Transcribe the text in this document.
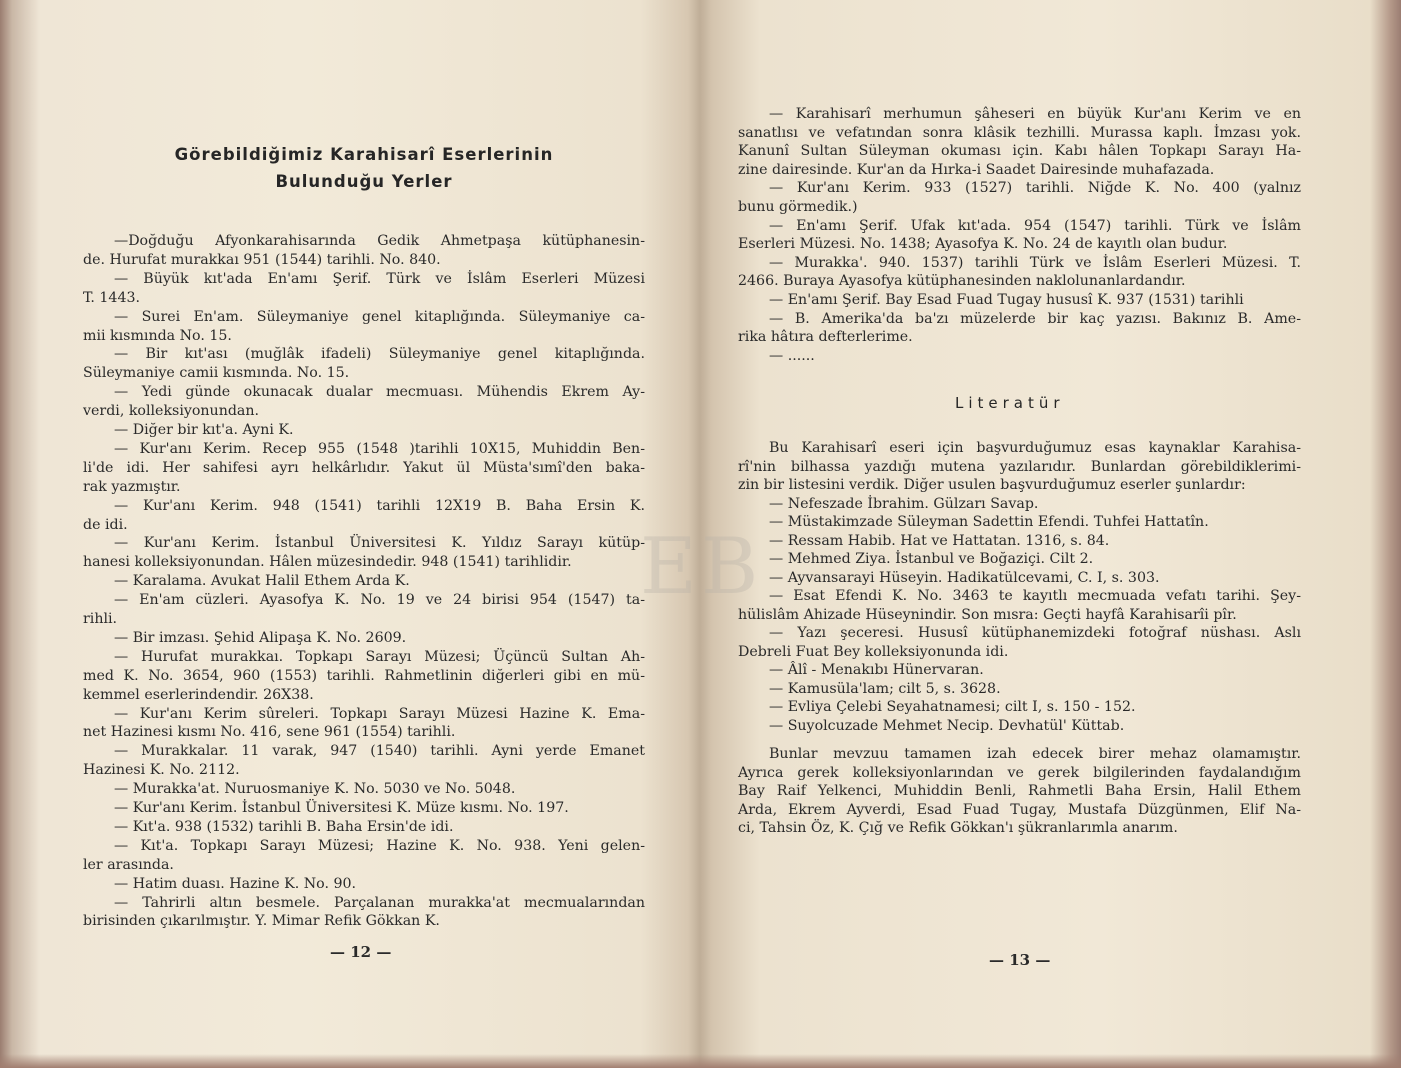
Görebildiğimiz Karahisarî Eserlerinin
Bulunduğu Yerler
—Doğduğu Afyonkarahisarında Gedik Ahmetpaşa kütüphanesin-
de. Hurufat murakkaı 951 (1544) tarihli. No. 840.
— Büyük kıt'ada En'amı Şerif. Türk ve İslâm Eserleri Müzesi
T. 1443.
— Surei En'am. Süleymaniye genel kitaplığında. Süleymaniye ca-
mii kısmında No. 15.
— Bir kıt'ası (muğlâk ifadeli) Süleymaniye genel kitaplığında.
Süleymaniye camii kısmında. No. 15.
— Yedi günde okunacak dualar mecmuası. Mühendis Ekrem Ay-
verdi, kolleksiyonundan.
— Diğer bir kıt'a. Ayni K.
— Kur'anı Kerim. Recep 955 (1548 )tarihli 10X15, Muhiddin Ben-
li'de idi. Her sahifesi ayrı helkârlıdır. Yakut ül Müsta'sımî'den baka-
rak yazmıştır.
— Kur'anı Kerim. 948 (1541) tarihli 12X19 B. Baha Ersin K.
de idi.
— Kur'anı Kerim. İstanbul Üniversitesi K. Yıldız Sarayı kütüp-
hanesi kolleksiyonundan. Hâlen müzesindedir. 948 (1541) tarihlidir.
— Karalama. Avukat Halil Ethem Arda K.
— En'am cüzleri. Ayasofya K. No. 19 ve 24 birisi 954 (1547) ta-
rihli.
— Bir imzası. Şehid Alipaşa K. No. 2609.
— Hurufat murakkaı. Topkapı Sarayı Müzesi; Üçüncü Sultan Ah-
med K. No. 3654, 960 (1553) tarihli. Rahmetlinin diğerleri gibi en mü-
kemmel eserlerindendir. 26X38.
— Kur'anı Kerim sûreleri. Topkapı Sarayı Müzesi Hazine K. Ema-
net Hazinesi kısmı No. 416, sene 961 (1554) tarihli.
— Murakkalar. 11 varak, 947 (1540) tarihli. Ayni yerde Emanet
Hazinesi K. No. 2112.
— Murakka'at. Nuruosmaniye K. No. 5030 ve No. 5048.
— Kur'anı Kerim. İstanbul Üniversitesi K. Müze kısmı. No. 197.
— Kıt'a. 938 (1532) tarihli B. Baha Ersin'de idi.
— Kıt'a. Topkapı Sarayı Müzesi; Hazine K. No. 938. Yeni gelen-
ler arasında.
— Hatim duası. Hazine K. No. 90.
— Tahrirli altın besmele. Parçalanan murakka'at mecmualarından
birisinden çıkarılmıştır. Y. Mimar Refik Gökkan K.
— 12 —
— Karahisarî merhumun şâheseri en büyük Kur'anı Kerim ve en
sanatlısı ve vefatından sonra klâsik tezhilli. Murassa kaplı. İmzası yok.
Kanunî Sultan Süleyman okuması için. Kabı hâlen Topkapı Sarayı Ha-
zine dairesinde. Kur'an da Hırka-i Saadet Dairesinde muhafazada.
— Kur'anı Kerim. 933 (1527) tarihli. Niğde K. No. 400 (yalnız
bunu görmedik.)
— En'amı Şerif. Ufak kıt'ada. 954 (1547) tarihli. Türk ve İslâm
Eserleri Müzesi. No. 1438; Ayasofya K. No. 24 de kayıtlı olan budur.
— Murakka'. 940. 1537) tarihli Türk ve İslâm Eserleri Müzesi. T.
2466. Buraya Ayasofya kütüphanesinden naklolunanlardandır.
— En'amı Şerif. Bay Esad Fuad Tugay hususî K. 937 (1531) tarihli
— B. Amerika'da ba'zı müzelerde bir kaç yazısı. Bakınız B. Ame-
rika hâtıra defterlerime.
— ......
Literatür
Bu Karahisarî eseri için başvurduğumuz esas kaynaklar Karahisa-
rî'nin bilhassa yazdığı mutena yazılarıdır. Bunlardan görebildiklerimi-
zin bir listesini verdik. Diğer usulen başvurduğumuz eserler şunlardır:
— Nefeszade İbrahim. Gülzarı Savap.
— Müstakimzade Süleyman Sadettin Efendi. Tuhfei Hattatîn.
— Ressam Habib. Hat ve Hattatan. 1316, s. 84.
— Mehmed Ziya. İstanbul ve Boğaziçi. Cilt 2.
— Ayvansarayi Hüseyin. Hadikatülcevami, C. I, s. 303.
— Esat Efendi K. No. 3463 te kayıtlı mecmuada vefatı tarihi. Şey-
hülislâm Ahizade Hüseynindir. Son mısra: Geçti hayfâ Karahisarîi pîr.
— Yazı şeceresi. Hususî kütüphanemizdeki fotoğraf nüshası. Aslı
Debreli Fuat Bey kolleksiyonunda idi.
— Âlî - Menakıbı Hünervaran.
— Kamusüla'lam; cilt 5, s. 3628.
— Evliya Çelebi Seyahatnamesi; cilt I, s. 150 - 152.
— Suyolcuzade Mehmet Necip. Devhatül' Küttab.
Bunlar mevzuu tamamen izah edecek birer mehaz olamamıştır.
Ayrıca gerek kolleksiyonlarından ve gerek bilgilerinden faydalandığım
Bay Raif Yelkenci, Muhiddin Benli, Rahmetli Baha Ersin, Halil Ethem
Arda, Ekrem Ayverdi, Esad Fuad Tugay, Mustafa Düzgünmen, Elif Na-
ci, Tahsin Öz, K. Çığ ve Refik Gökkan'ı şükranlarımla anarım.
— 13 —
EB
